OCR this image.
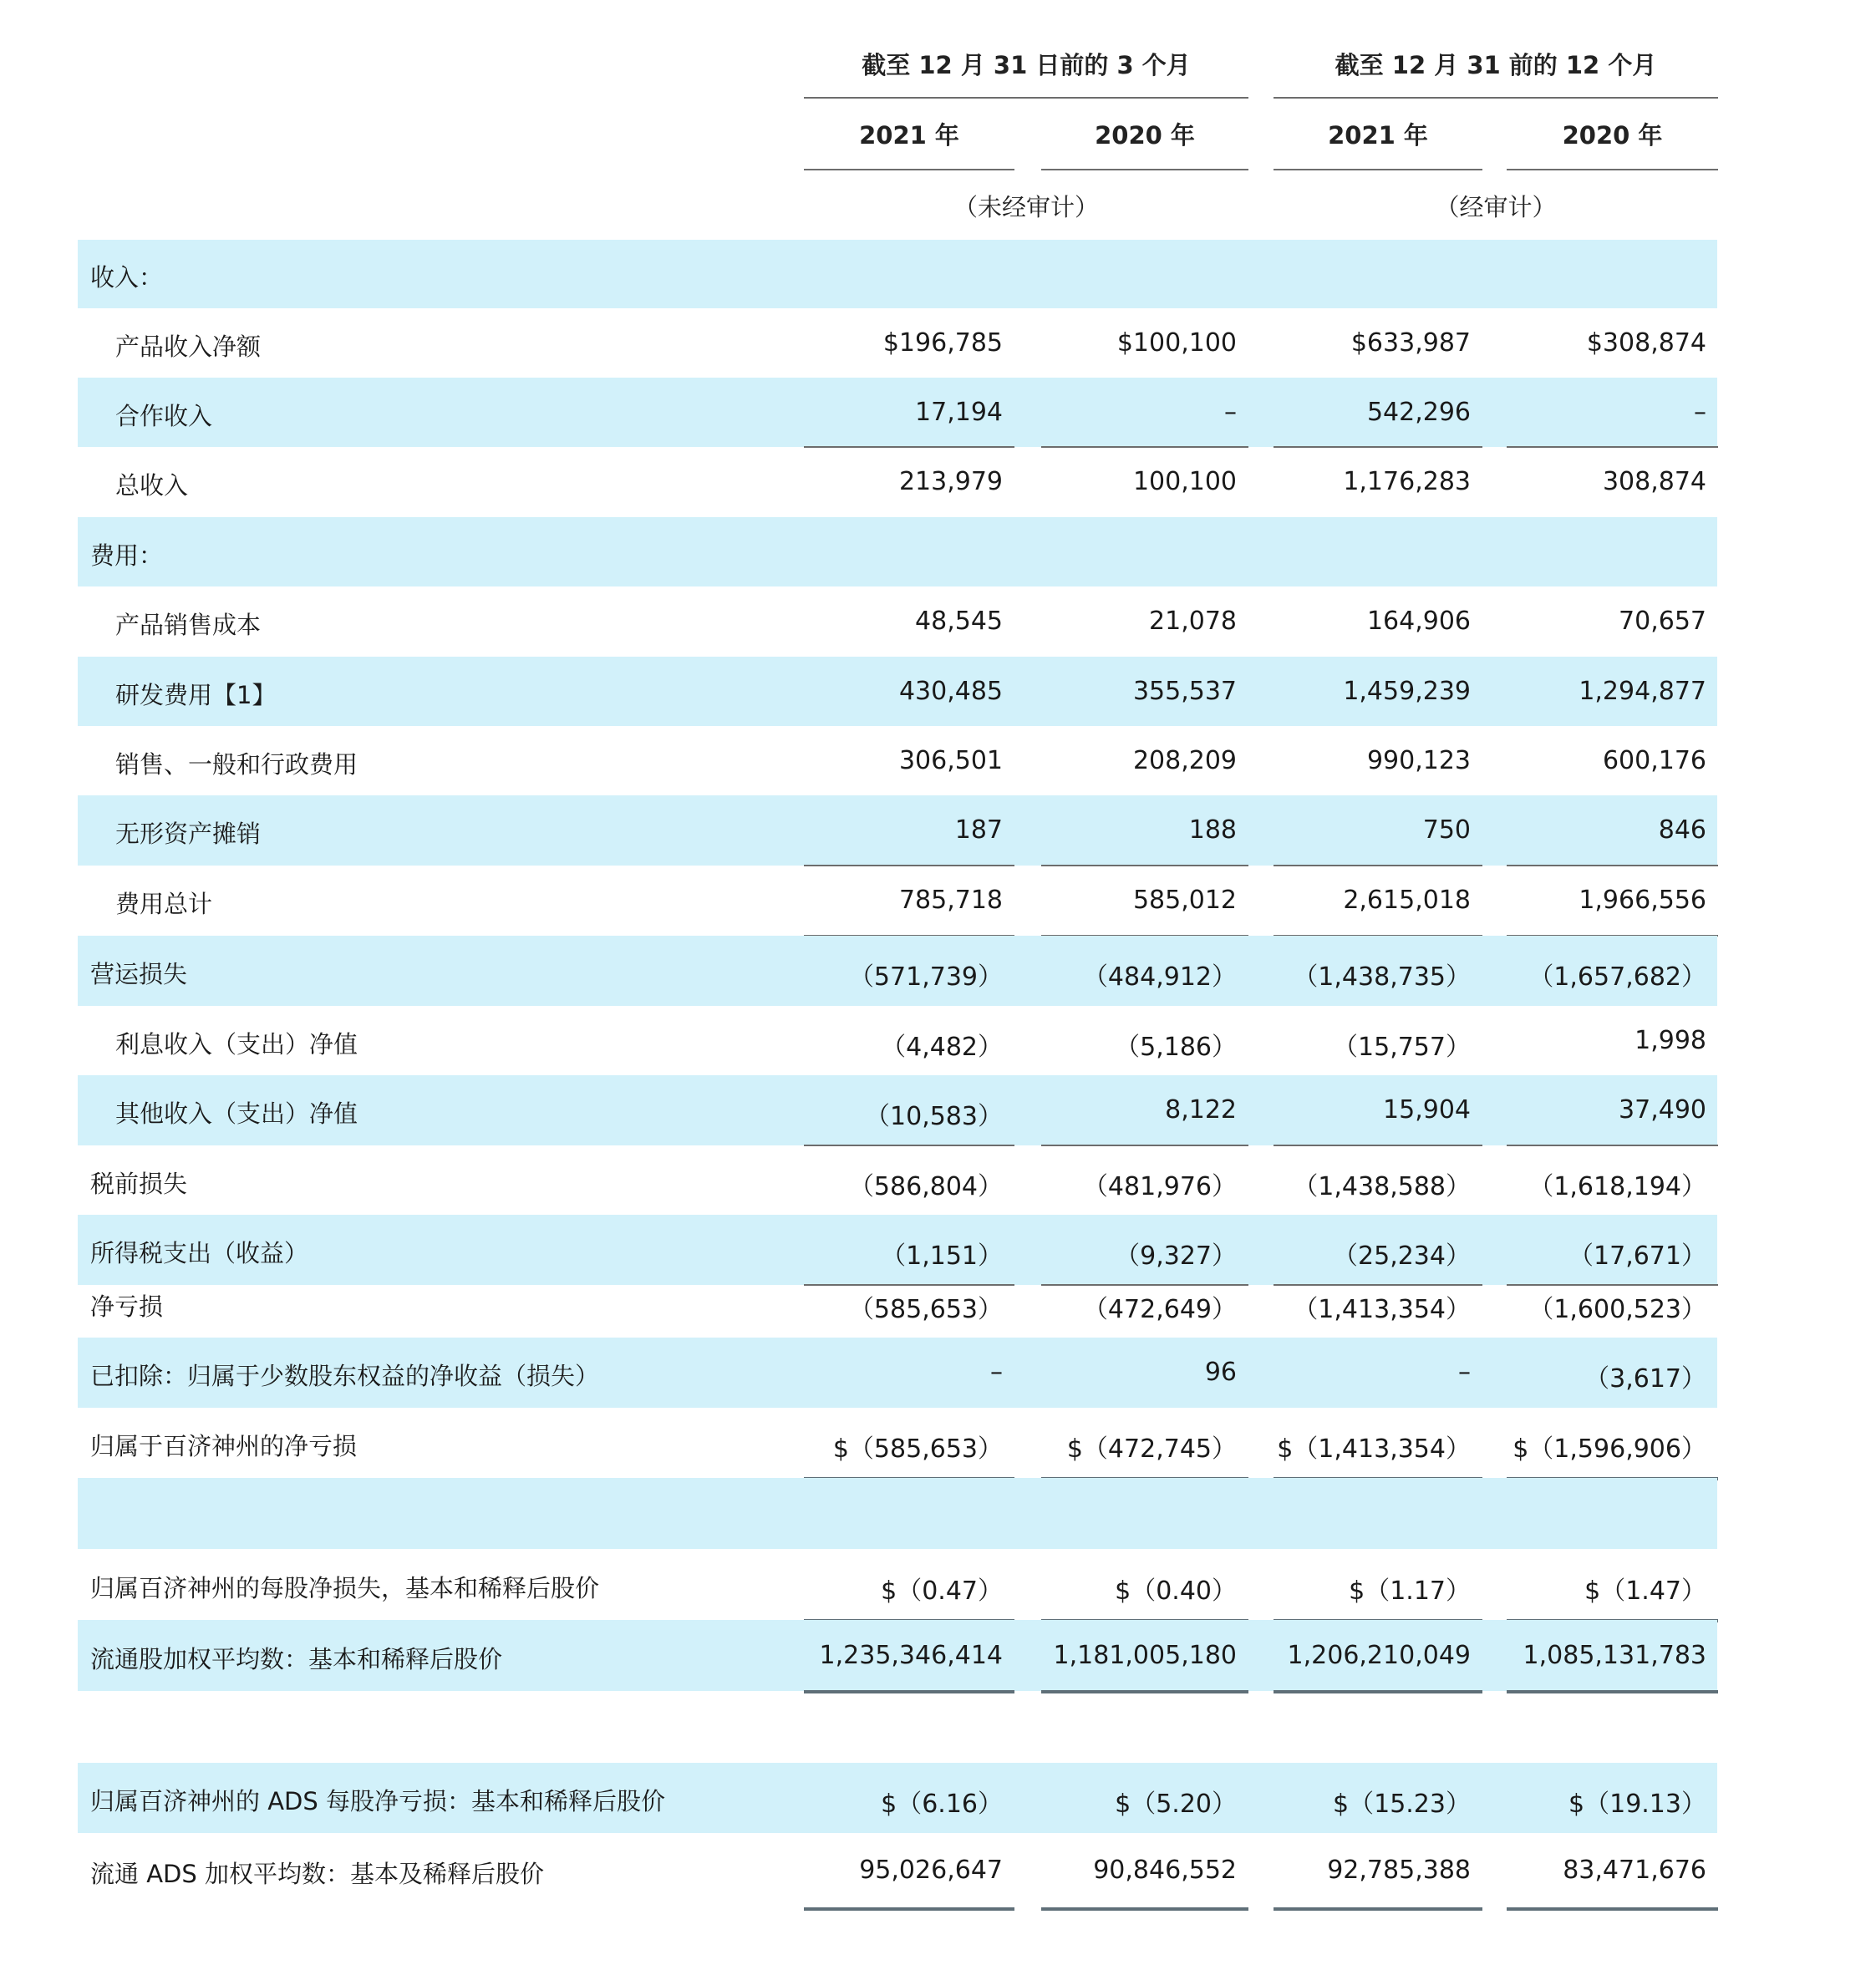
截至 12 月 31 日前的 3 个月	截至 12 月 31 前的 12 个月
2021 年	2020 年	2021 年	2020 年
（未经审计）	（经审计）
收入：
产品收入净额	$196,785	$100,100	$633,987	$308,874
合作收入	17,194	–	542,296	–
总收入	213,979	100,100	1,176,283	308,874
费用：
产品销售成本	48,545	21,078	164,906	70,657
研发费用【1】	430,485	355,537	1,459,239	1,294,877
销售、一般和行政费用	306,501	208,209	990,123	600,176
无形资产摊销	187	188	750	846
费用总计	785,718	585,012	2,615,018	1,966,556
营运损失	（571,739）	（484,912）	（1,438,735）	（1,657,682）
利息收入（支出）净值	（4,482）	（5,186）	（15,757）	1,998
其他收入（支出）净值	（10,583）	8,122	15,904	37,490
税前损失	（586,804）	（481,976）	（1,438,588）	（1,618,194）
所得税支出（收益）	（1,151）	（9,327）	（25,234）	（17,671）
净亏损	（585,653）	（472,649）	（1,413,354）	（1,600,523）
已扣除：归属于少数股东权益的净收益（损失）	–	96	–	（3,617）
归属于百济神州的净亏损	$（585,653）	$（472,745）	$（1,413,354）	$（1,596,906）
归属百济神州的每股净损失，基本和稀释后股价	$（0.47）	$（0.40）	$（1.17）	$（1.47）
流通股加权平均数：基本和稀释后股价	1,235,346,414	1,181,005,180	1,206,210,049	1,085,131,783
归属百济神州的 ADS 每股净亏损：基本和稀释后股价	$（6.16）	$（5.20）	$（15.23）	$（19.13）
流通 ADS 加权平均数：基本及稀释后股价	95,026,647	90,846,552	92,785,388	83,471,676
